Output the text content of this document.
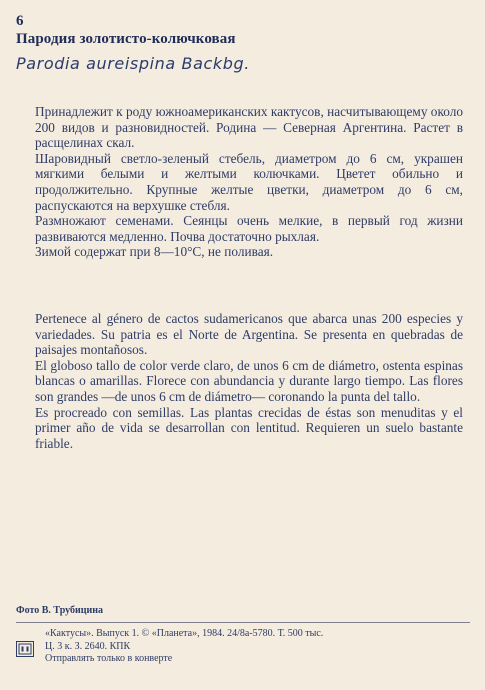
6
Пародия золотисто-колючковая
Parodia aureispina Backbg.

Принадлежит к роду южноамериканских кактусов, насчитывающему около 200 видов и разновидностей. Родина — Северная Аргентина. Растет в расщелинах скал.

Шаровидный светло-зеленый стебель, диаметром до 6 см, украшен мягкими белыми и желтыми колючками. Цветет обильно и продолжительно. Крупные желтые цветки, диаметром до 6 см, распускаются на верхушке стебля.

Размножают семенами. Сеянцы очень мелкие, в первый год жизни развиваются медленно. Почва достаточно рыхлая.

Зимой содержат при 8—10°С, не поливая.

Pertenece al género de cactos sudamericanos que abarca unas 200 especies y variedades. Su patria es el Norte de Argentina. Se presenta en quebradas de paisajes montañosos.

El globoso tallo de color verde claro, de unos 6 cm de diámetro, ostenta espinas blancas o amarillas. Florece con abundancia y durante largo tiempo. Las flores son grandes —de unos 6 cm de diámetro— coronando la punta del tallo.

Es procreado con semillas. Las plantas crecidas de éstas son menuditas y el primer año de vida se desarrollan con lentitud. Requieren un suelo bastante friable.

Фото В. Трубицина
«Кактусы». Выпуск 1. © «Планета», 1984. 24/8а-5780. Т. 500 тыс.
Ц. 3 к. З. 2640. КПК
Отправлять только в конверте
